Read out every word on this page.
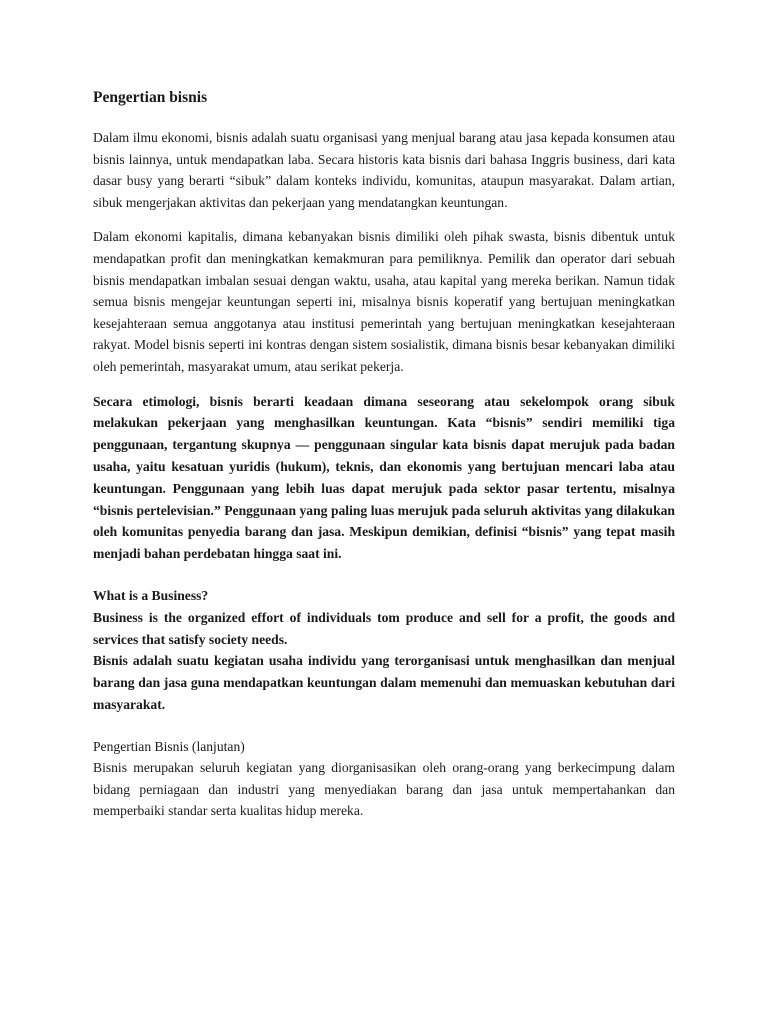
Pengertian bisnis

Dalam ilmu ekonomi, bisnis adalah suatu organisasi yang menjual barang atau jasa kepada konsumen atau bisnis lainnya, untuk mendapatkan laba. Secara historis kata bisnis dari bahasa Inggris business, dari kata dasar busy yang berarti “sibuk” dalam konteks individu, komunitas, ataupun masyarakat. Dalam artian, sibuk mengerjakan aktivitas dan pekerjaan yang mendatangkan keuntungan.

Dalam ekonomi kapitalis, dimana kebanyakan bisnis dimiliki oleh pihak swasta, bisnis dibentuk untuk mendapatkan profit dan meningkatkan kemakmuran para pemiliknya. Pemilik dan operator dari sebuah bisnis mendapatkan imbalan sesuai dengan waktu, usaha, atau kapital yang mereka berikan. Namun tidak semua bisnis mengejar keuntungan seperti ini, misalnya bisnis koperatif yang bertujuan meningkatkan kesejahteraan semua anggotanya atau institusi pemerintah yang bertujuan meningkatkan kesejahteraan rakyat. Model bisnis seperti ini kontras dengan sistem sosialistik, dimana bisnis besar kebanyakan dimiliki oleh pemerintah, masyarakat umum, atau serikat pekerja.

Secara etimologi, bisnis berarti keadaan dimana seseorang atau sekelompok orang sibuk melakukan pekerjaan yang menghasilkan keuntungan. Kata “bisnis” sendiri memiliki tiga penggunaan, tergantung skupnya — penggunaan singular kata bisnis dapat merujuk pada badan usaha, yaitu kesatuan yuridis (hukum), teknis, dan ekonomis yang bertujuan mencari laba atau keuntungan. Penggunaan yang lebih luas dapat merujuk pada sektor pasar tertentu, misalnya “bisnis pertelevisian.” Penggunaan yang paling luas merujuk pada seluruh aktivitas yang dilakukan oleh komunitas penyedia barang dan jasa. Meskipun demikian, definisi “bisnis” yang tepat masih menjadi bahan perdebatan hingga saat ini.

What is a Business?
Business is the organized effort of individuals tom produce and sell for a profit, the goods and services that satisfy society needs.
Bisnis adalah suatu kegiatan usaha individu yang terorganisasi untuk menghasilkan dan menjual barang dan jasa guna mendapatkan keuntungan dalam memenuhi dan memuaskan kebutuhan dari masyarakat.

Pengertian Bisnis (lanjutan)

Bisnis merupakan seluruh kegiatan yang diorganisasikan oleh orang-orang yang berkecimpung dalam bidang perniagaan dan industri yang menyediakan barang dan jasa untuk mempertahankan dan memperbaiki standar serta kualitas hidup mereka.
